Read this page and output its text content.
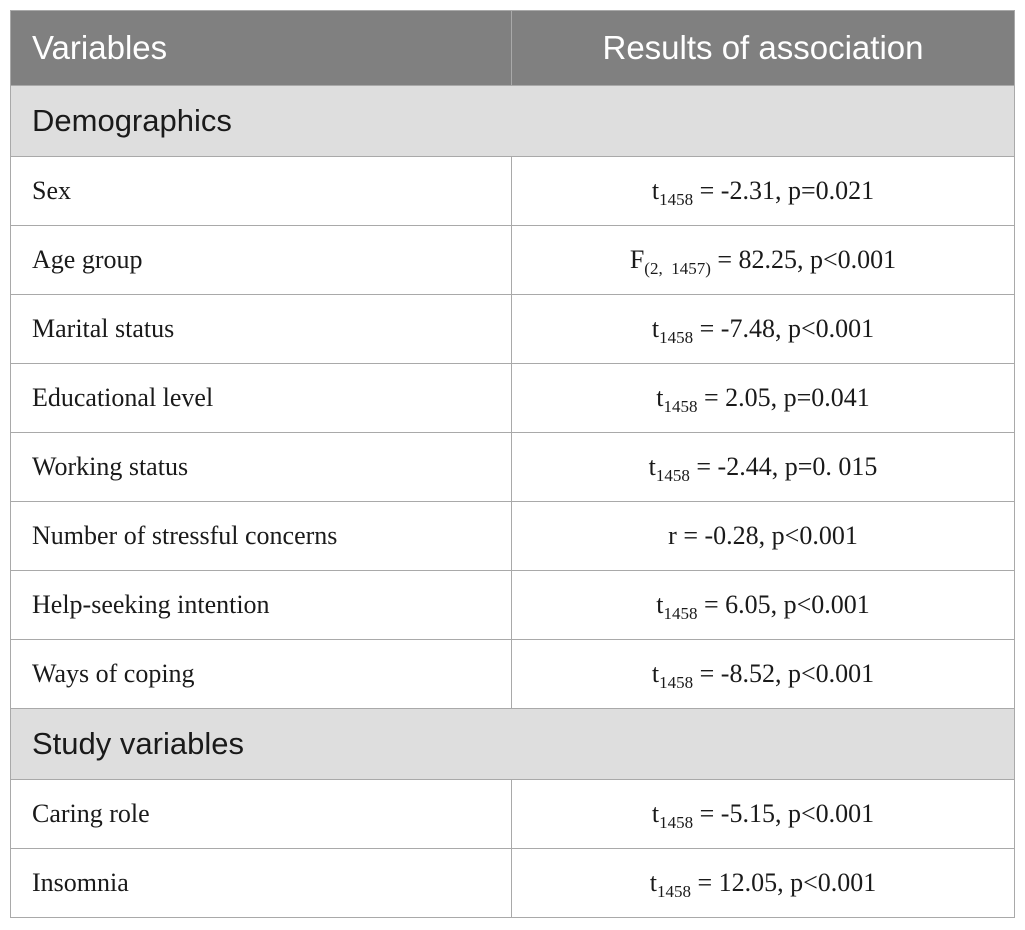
Variables	Results of association
Demographics	
Sex	$t_{1458} = -2.31$, p=0.021
Age group	$F_{(2, 1457)} = 82.25$, p<0.001
Marital status	$t_{1458} = -7.48$, p<0.001
Educational level	$t_{1458} = 2.05$, p=0.041
Working status	$t_{1458} = -2.44$, p=0. 015
Number of stressful concerns	r = -0.28, p<0.001
Help-seeking intention	$t_{1458} = 6.05$, p<0.001
Ways of coping	$t_{1458} = -8.52$, p<0.001
Study variables	
Caring role	$t_{1458} = -5.15$, p<0.001
Insomnia	$t_{1458} = 12.05$, p<0.001
